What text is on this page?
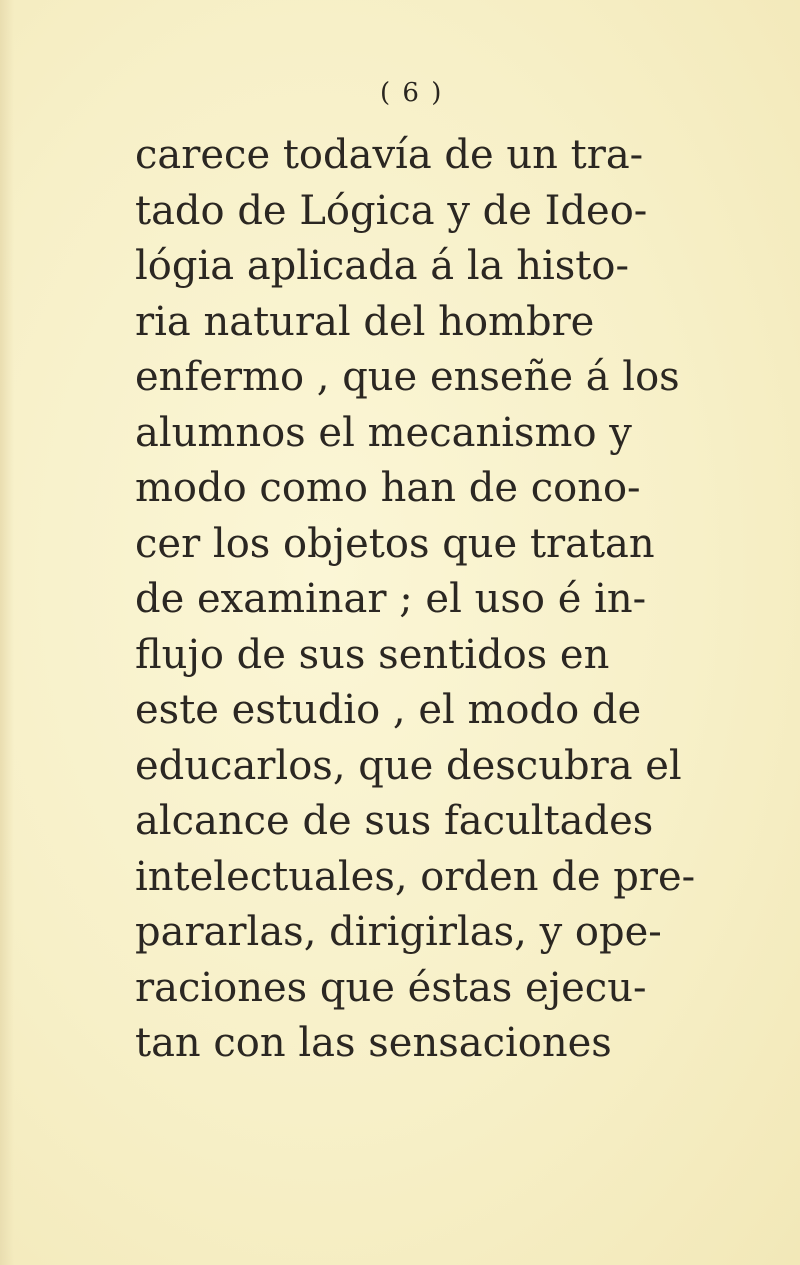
( 6 )
carece todavía de un tra-
tado de Lógica y de Ideo-
lógia aplicada á la histo-
ria natural del hombre
enfermo , que enseñe á los
alumnos el mecanismo y
modo como han de cono-
cer los objetos que tratan
de examinar ; el uso é in-
flujo de sus sentidos en
este estudio , el modo de
educarlos, que descubra el
alcance de sus facultades
intelectuales, orden de pre-
pararlas, dirigirlas, y ope-
raciones que éstas ejecu-
tan con las sensaciones
